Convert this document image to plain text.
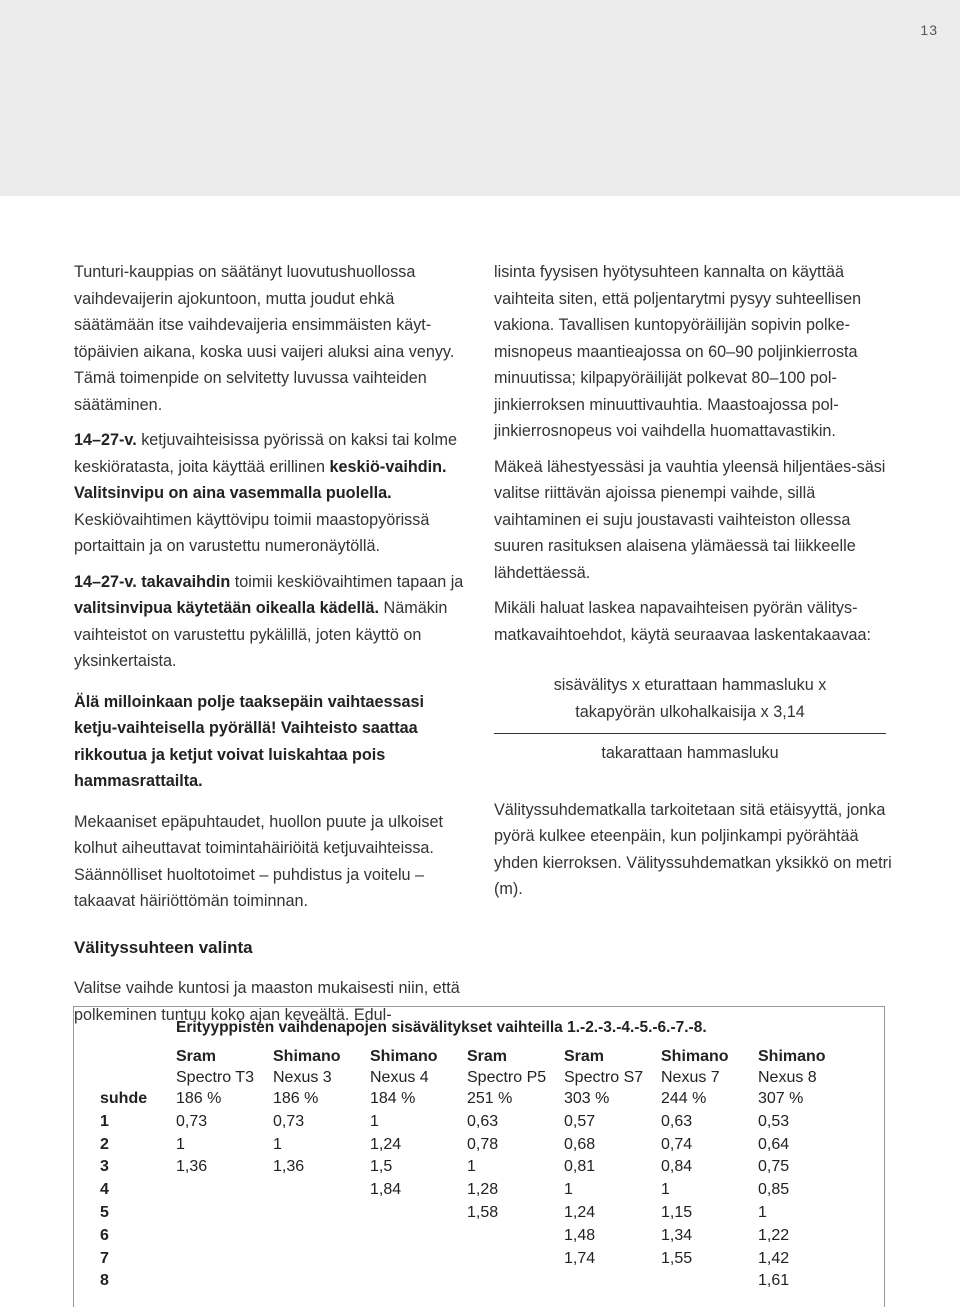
13

Tunturi-kauppias on säätänyt luovutushuollossa vaihdevaijerin ajokuntoon, mutta joudut ehkä säätämään itse vaihdevaijeria ensimmäisten käyt-töpäivien aikana, koska uusi vaijeri aluksi aina venyy. Tämä toimenpide on selvitetty luvussa vaihteiden säätäminen.

14–27-v. ketjuvaihteisissa pyörissä on kaksi tai kolme keskiöratasta, joita käyttää erillinen keskiö-vaihdin. Valitsinvipu on aina vasemmalla puolella. Keskiövaihtimen käyttövipu toimii maastopyörissä portaittain ja on varustettu numeronäytöllä.

14–27-v. takavaihdin toimii keskiövaihtimen tapaan ja valitsinvipua käytetään oikealla kädellä. Nämäkin vaihteistot on varustettu pykälillä, joten käyttö on yksinkertaista.

Älä milloinkaan polje taaksepäin vaihtaessasi ketju-vaihteisella pyörällä! Vaihteisto saattaa rikkoutua ja ketjut voivat luiskahtaa pois hammasrattailta.

Mekaaniset epäpuhtaudet, huollon puute ja ulkoiset kolhut aiheuttavat toimintahäiriöitä ketjuvaihteissa. Säännölliset huoltotoimet – puhdistus ja voitelu – takaavat häiriöttömän toiminnan.

Välityssuhteen valinta

Valitse vaihde kuntosi ja maaston mukaisesti niin, että polkeminen tuntuu koko ajan keveältä. Edul-

lisinta fyysisen hyötysuhteen kannalta on käyttää vaihteita siten, että poljentarytmi pysyy suhteellisen vakiona. Tavallisen kuntopyöräilijän sopivin polke-misnopeus maantieajossa on 60–90 poljinkierrosta minuutissa; kilpapyöräilijät polkevat 80–100 pol-jinkierroksen minuuttivauhtia. Maastoajossa pol-jinkierrosnopeus voi vaihdella huomattavastikin.

Mäkeä lähestyessäsi ja vauhtia yleensä hiljentäes-säsi valitse riittävän ajoissa pienempi vaihde, sillä vaihtaminen ei suju joustavasti vaihteiston ollessa suuren rasituksen alaisena ylämäessä tai liikkeelle lähdettäessä.

Mikäli haluat laskea napavaihteisen pyörän välitys-matkavaihtoehdot, käytä seuraavaa laskentakaavaa:

sisävälitys x eturattaan hammasluku x
takapyörän ulkohalkaisija x 3,14
takarattaan hammasluku

Välityssuhdematkalla tarkoitetaan sitä etäisyyttä, jonka pyörä kulkee eteenpäin, kun poljinkampi pyörähtää yhden kierroksen. Välityssuhdematkan yksikkö on metri (m).

Erityyppisten vaihdenapojen sisävälitykset vaihteilla 1.-2.-3.-4.-5.-6.-7.-8.
	Sram	Shimano	Shimano	Sram	Sram	Shimano	Shimano
	Spectro T3	Nexus 3	Nexus 4	Spectro P5	Spectro S7	Nexus 7	Nexus 8
suhde	186 %	186 %	184 %	251 %	303 %	244 %	307 %
1	0,73	0,73	1	0,63	0,57	0,63	0,53
2	1	1	1,24	0,78	0,68	0,74	0,64
3	1,36	1,36	1,5	1	0,81	0,84	0,75
4			1,84	1,28	1	1	0,85
5				1,58	1,24	1,15	1
6					1,48	1,34	1,22
7					1,74	1,55	1,42
8							1,61
